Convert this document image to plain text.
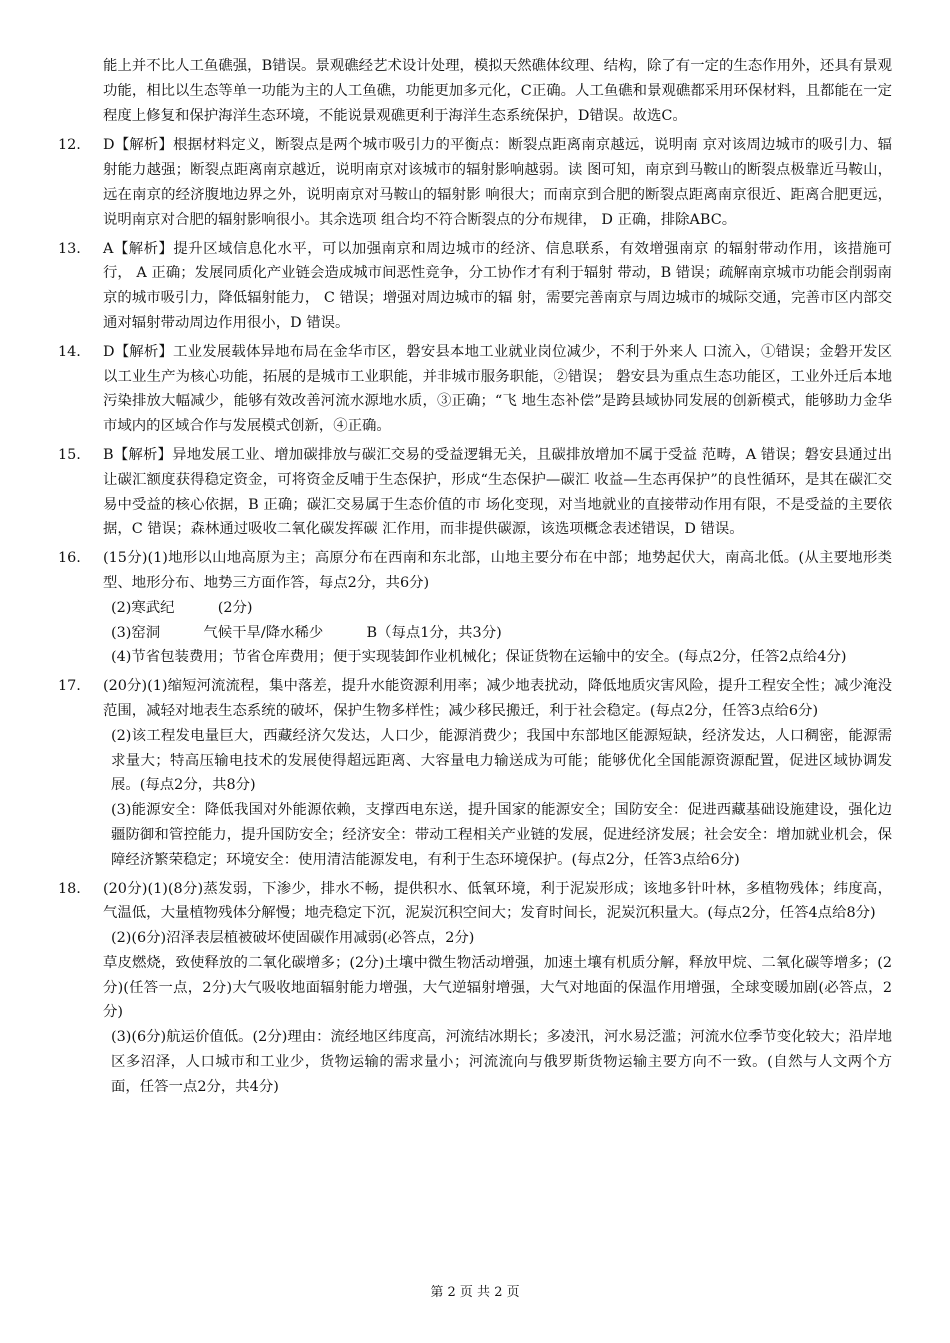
能上并不比人工鱼礁强，B错误。景观礁经艺术设计处理，模拟天然礁体纹理、结构，除了有一定的生态作用外，还具有景观功能，相比以生态等单一功能为主的人工鱼礁，功能更加多元化，C正确。人工鱼礁和景观礁都采用环保材料，且都能在一定程度上修复和保护海洋生态环境，不能说景观礁更利于海洋生态系统保护，D错误。故选C。

12.	D【解析】根据材料定义，断裂点是两个城市吸引力的平衡点：断裂点距离南京越远，说明南 京对该周边城市的吸引力、辐射能力越强；断裂点距离南京越近，说明南京对该城市的辐射影响越弱。读 图可知，南京到马鞍山的断裂点极靠近马鞍山，远在南京的经济腹地边界之外，说明南京对马鞍山的辐射影 响很大；而南京到合肥的断裂点距离南京很近、距离合肥更远，说明南京对合肥的辐射影响很小。其余选项 组合均不符合断裂点的分布规律， D 正确，排除ABC。

13.	A【解析】提升区域信息化水平，可以加强南京和周边城市的经济、信息联系，有效增强南京 的辐射带动作用，该措施可行， A 正确；发展同质化产业链会造成城市间恶性竞争，分工协作才有利于辐射 带动，B 错误；疏解南京城市功能会削弱南京的城市吸引力，降低辐射能力， C 错误；增强对周边城市的辐 射，需要完善南京与周边城市的城际交通，完善市区内部交通对辐射带动周边作用很小，D 错误。

14.	D【解析】工业发展载体异地布局在金华市区，磐安县本地工业就业岗位减少，不利于外来人 口流入，①错误；金磐开发区以工业生产为核心功能，拓展的是城市工业职能，并非城市服务职能，②错误； 磐安县为重点生态功能区，工业外迁后本地污染排放大幅减少，能够有效改善河流水源地水质，③正确；“飞 地生态补偿”是跨县域协同发展的创新模式，能够助力金华市域内的区域合作与发展模式创新，④正确。

15.	B【解析】异地发展工业、增加碳排放与碳汇交易的受益逻辑无关，且碳排放增加不属于受益 范畴，A 错误；磐安县通过出让碳汇额度获得稳定资金，可将资金反哺于生态保护，形成“生态保护—碳汇 收益—生态再保护”的良性循环，是其在碳汇交易中受益的核心依据，B 正确；碳汇交易属于生态价值的市 场化变现，对当地就业的直接带动作用有限，不是受益的主要依据，C 错误；森林通过吸收二氧化碳发挥碳 汇作用，而非提供碳源，该选项概念表述错误，D 错误。

16.	(15分)(1)地形以山地高原为主；高原分布在西南和东北部，山地主要分布在中部；地势起伏大，南高北低。(从主要地形类型、地形分布、地势三方面作答，每点2分，共6分)

(2)寒武纪　　　(2分)

(3)窑洞　　　气候干旱/降水稀少　　　B（每点1分，共3分)

(4)节省包装费用；节省仓库费用；便于实现装卸作业机械化；保证货物在运输中的安全。(每点2分，任答2点给4分)

17.	(20分)(1)缩短河流流程，集中落差，提升水能资源利用率；减少地表扰动，降低地质灾害风险，提升工程安全性；减少淹没范围，减轻对地表生态系统的破坏，保护生物多样性；减少移民搬迁，利于社会稳定。(每点2分，任答3点给6分)

(2)该工程发电量巨大，西藏经济欠发达，人口少，能源消费少；我国中东部地区能源短缺，经济发达，人口稠密，能源需求量大；特高压输电技术的发展使得超远距离、大容量电力输送成为可能；能够优化全国能源资源配置，促进区域协调发展。(每点2分，共8分)

(3)能源安全：降低我国对外能源依赖，支撑西电东送，提升国家的能源安全；国防安全：促进西藏基础设施建设，强化边疆防御和管控能力，提升国防安全；经济安全：带动工程相关产业链的发展，促进经济发展；社会安全：增加就业机会，保障经济繁荣稳定；环境安全：使用清洁能源发电，有利于生态环境保护。(每点2分，任答3点给6分)

18.	(20分)(1)(8分)蒸发弱，下渗少，排水不畅，提供积水、低氧环境，利于泥炭形成；该地多针叶林，多植物残体；纬度高，气温低，大量植物残体分解慢；地壳稳定下沉，泥炭沉积空间大；发育时间长，泥炭沉积量大。(每点2分，任答4点给8分)

(2)(6分)沼泽表层植被破坏使固碳作用减弱(必答点，2分)

草皮燃烧，致使释放的二氧化碳增多；(2分)土壤中微生物活动增强，加速土壤有机质分解，释放甲烷、二氧化碳等增多；(2分)(任答一点，2分)大气吸收地面辐射能力增强，大气逆辐射增强，大气对地面的保温作用增强，全球变暖加剧(必答点，2分)

(3)(6分)航运价值低。(2分)理由：流经地区纬度高，河流结冰期长；多凌汛，河水易泛滥；河流水位季节变化较大；沿岸地区多沼泽，人口城市和工业少，货物运输的需求量小；河流流向与俄罗斯货物运输主要方向不一致。(自然与人文两个方面，任答一点2分，共4分)

第 2 页 共 2 页
